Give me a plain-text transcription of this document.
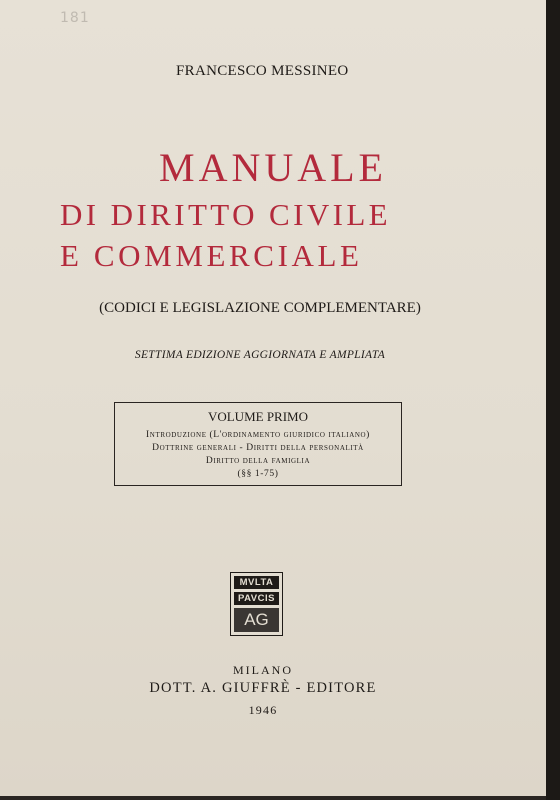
181
FRANCESCO MESSINEO
MANUALE
DI DIRITTO CIVILE
E COMMERCIALE
(CODICI E LEGISLAZIONE COMPLEMENTARE)
SETTIMA EDIZIONE AGGIORNATA E AMPLIATA
VOLUME PRIMO
Introduzione (L'ordinamento giuridico italiano)
Dottrine generali - Diritti della personalità
Diritto della famiglia
(§§ 1-75)
MVLTA
PAVCIS
AG
MILANO
DOTT. A. GIUFFRÈ - EDITORE
1946
